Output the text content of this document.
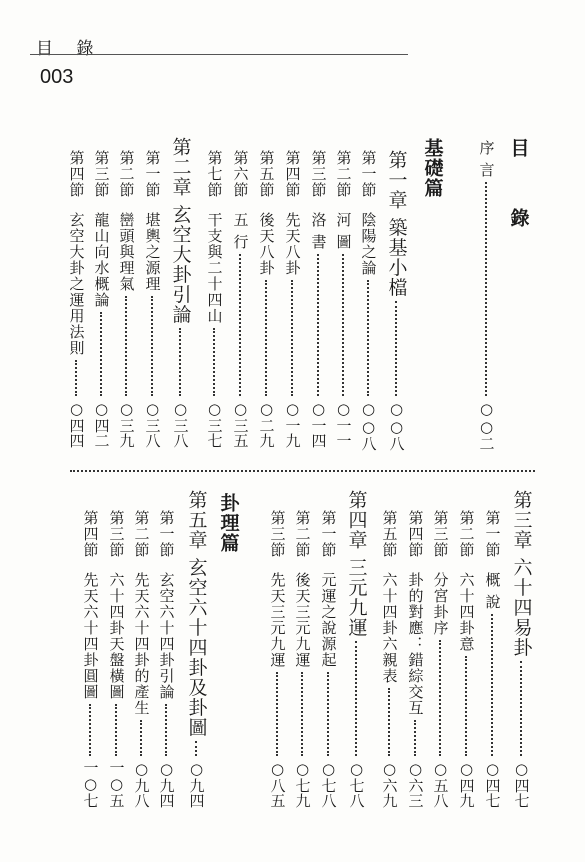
目 錄
003
目 錄
序 言
○○二
基礎篇
第一章 築基小檔
○○八
第一節陰陽之論
○○八
第二節河 圖
○一一
第三節洛 書
○一四
第四節先天八卦
○一九
第五節後天八卦
○二九
第六節五 行
○三五
第七節干支與二十四山
○三七
第二章 玄空大卦引論
○三八
第一節堪輿之源理
○三八
第二節巒頭與理氣
○三九
第三節龍山向水概論
○四二
第四節玄空大卦之運用法則
○四四
第三章 六十四易卦
○四七
第一節概 說
○四七
第二節六十四卦意
○四九
第三節分宮卦序
○五八
第四節卦的對應：錯綜交互
○六三
第五節六十四卦六親表
○六九
第四章 三元九運
○七八
第一節元運之說源起
○七八
第二節後天三元九運
○七九
第三節先天三元九運
○八五
卦理篇
第五章 玄空六十四卦及卦圖
○九四
第一節玄空六十四卦引論
○九四
第二節先天六十四卦的產生
○九八
第三節六十四卦天盤橫圖
一○五
第四節先天六十四卦圓圖
一○七
